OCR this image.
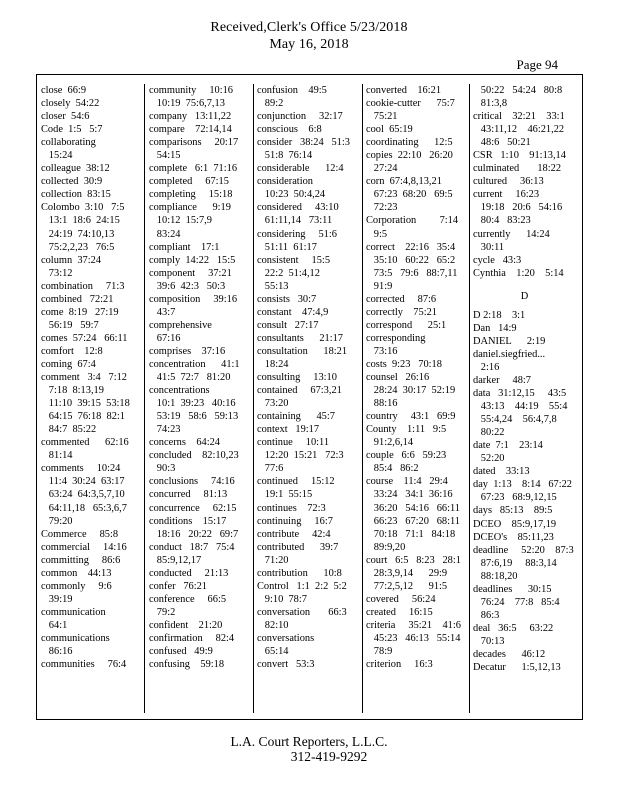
Received,Clerk's Office 5/23/2018
May 16, 2018
Page 94
close  66:9
closely  54:22
closer  54:6
Code  1:5   5:7
collaborating
15:24
colleague  38:12
collected  30:9
collection  83:15
Colombo  3:10   7:5
13:1  18:6  24:15
24:19  74:10,13
75:2,2,23   76:5
column  37:24
73:12
combination     71:3
combined   72:21
come  8:19   27:19
56:19   59:7
comes  57:24   66:11
comfort    12:8
coming  67:4
comment   3:4   7:12
7:18  8:13,19
11:10  39:15  53:18
64:15  76:18  82:1
84:7  85:22
commented      62:16
81:14
comments     10:24
11:4  30:24  63:17
63:24  64:3,5,7,10
64:11,18   65:3,6,7
79:20
Commerce     85:8
commercial     14:16
committing     86:6
common    44:13
commonly     9:6
39:19
communication
64:1
communications
86:16
communities     76:4
community     10:16
10:19  75:6,7,13
company   13:11,22
compare    72:14,14
comparisons     20:17
54:15
complete   6:1  71:16
completed     67:15
completing     15:18
compliance      9:19
10:12  15:7,9
83:24
compliant    17:1
comply  14:22   15:5
component     37:21
39:6  42:3   50:3
composition     39:16
43:7
comprehensive
67:16
comprises    37:16
concentration      41:1
41:5  72:7   81:20
concentrations
10:1  39:23   40:16
53:19   58:6   59:13
74:23
concerns    64:24
concluded    82:10,23
90:3
conclusions     74:16
concurred     81:13
concurrence     62:15
conditions    15:17
18:16   20:22   69:7
conduct   18:7   75:4
85:9,12,17
conducted     21:13
confer   76:21
conference     66:5
79:2
confident    21:20
confirmation     82:4
confused   49:9
confusing    59:18
confusion    49:5
89:2
conjunction     32:17
conscious    6:8
consider   38:24   51:3
51:8  76:14
considerable      12:4
consideration
10:23  50:4,24
considered     43:10
61:11,14   73:11
considering     51:6
51:11  61:17
consistent     15:5
22:2  51:4,12
55:13
consists   30:7
constant    47:4,9
consult   27:17
consultants      21:17
consultation      18:21
18:24
consulting     13:10
contained     67:3,21
73:20
containing      45:7
context   19:17
continue     10:11
12:20  15:21   72:3
77:6
continued     15:12
19:1  55:15
continues    72:3
continuing     16:7
contribute     42:4
contributed      39:7
71:20
contribution      10:8
Control   1:1  2:2  5:2
9:10  78:7
conversation       66:3
82:10
conversations
65:14
convert   53:3
converted    16:21
cookie-cutter      75:7
75:21
cool  65:19
coordinating      12:5
copies  22:10   26:20
27:24
corn  67:4,8,13,21
67:23  68:20   69:5
72:23
Corporation         7:14
9:5
correct    22:16   35:4
35:10   60:22   65:2
73:5   79:6   88:7,11
91:9
corrected     87:6
correctly    75:21
correspond      25:1
corresponding
73:16
costs  9:23   70:18
counsel   26:16
28:24  30:17  52:19
88:16
country     43:1   69:9
County    1:11   9:5
91:2,6,14
couple   6:6   59:23
85:4   86:2
course    11:4   29:4
33:24   34:1  36:16
36:20   54:16   66:11
66:23   67:20   68:11
70:18   71:1   84:18
89:9,20
court   6:5   8:23   28:1
28:3,9,14      29:9
77:2,5,12      91:5
covered     56:24
created     16:15
criteria     35:21    41:6
45:23   46:13   55:14
78:9
criterion     16:3
50:22   54:24   80:8
81:3,8
critical    32:21    33:1
43:11,12    46:21,22
48:6   50:21
CSR   1:10    91:13,14
culminated       18:22
cultured     36:13
current     16:23
19:18   20:6   54:16
80:4   83:23
currently      14:24
30:11
cycle   43:3
Cynthia    1:20    5:14
D
D 2:18    3:1
Dan   14:9
DANIEL      2:19
daniel.siegfried...
2:16
darker     48:7
data   31:12,15     43:5
43:13    44:19    55:4
55:4,24    56:4,7,8
80:22
date  7:1    23:14
52:20
dated    33:13
day  1:13    8:14   67:22
67:23   68:9,12,15
days   85:13    89:5
DCEO    85:9,17,19
DCEO's    85:11,23
deadline     52:20    87:3
87:6,19     88:3,14
88:18,20
deadlines      30:15
76:24    77:8   85:4
86:3
deal   36:5     63:22
70:13
decades      46:12
Decatur      1:5,12,13
L.A. Court Reporters, L.L.C.
312-419-9292
